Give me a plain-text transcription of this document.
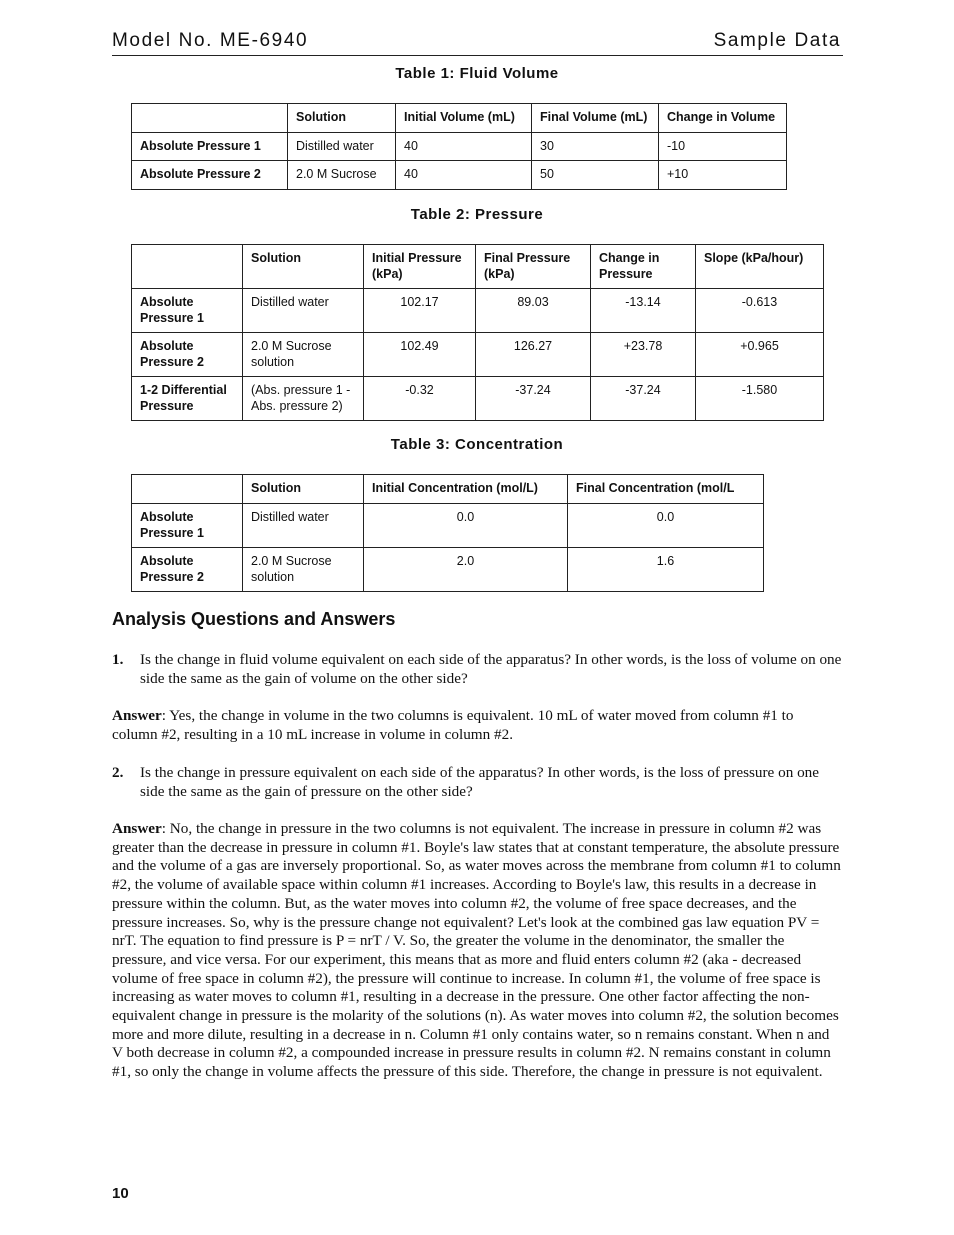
Model No. ME-6940	Sample Data
Table 1: Fluid Volume
	Solution	Initial Volume (mL)	Final Volume (mL)	Change in Volume
Absolute Pressure 1	Distilled water	40	30	-10
Absolute Pressure 2	2.0 M Sucrose	40	50	+10
Table 2: Pressure
	Solution	Initial Pressure (kPa)	Final Pressure (kPa)	Change in Pressure	Slope (kPa/hour)
Absolute Pressure 1	Distilled water	102.17	89.03	-13.14	-0.613
Absolute Pressure 2	2.0 M Sucrose solution	102.49	126.27	+23.78	+0.965
1-2 Differential Pressure	(Abs. pressure 1 - Abs. pressure 2)	-0.32	-37.24	-37.24	-1.580
Table 3: Concentration
	Solution	Initial Concentration (mol/L)	Final Concentration (mol/L
Absolute Pressure 1	Distilled water	0.0	0.0
Absolute Pressure 2	2.0 M Sucrose solution	2.0	1.6
Analysis Questions and Answers
1. Is the change in fluid volume equivalent on each side of the apparatus? In other words, is the loss of volume on one side the same as the gain of volume on the other side?

Answer: Yes, the change in volume in the two columns is equivalent. 10 mL of water moved from column #1 to column #2, resulting in a 10 mL increase in volume in column #2.

2. Is the change in pressure equivalent on each side of the apparatus? In other words, is the loss of pressure on one side the same as the gain of pressure on the other side?

Answer: No, the change in pressure in the two columns is not equivalent. The increase in pressure in column #2 was greater than the decrease in pressure in column #1. Boyle's law states that at constant temperature, the absolute pressure and the volume of a gas are inversely proportional. So, as water moves across the membrane from column #1 to column #2, the volume of available space within column #1 increases. According to Boyle's law, this results in a decrease in pressure within the column. But, as the water moves into column #2, the volume of free space decreases, and the pressure increases. So, why is the pressure change not equivalent? Let's look at the combined gas law equation PV = nrT. The equation to find pressure is P = nrT / V. So, the greater the volume in the denominator, the smaller the pressure, and vice versa. For our experiment, this means that as more and fluid enters column #2 (aka - decreased volume of free space in column #2), the pressure will continue to increase. In column #1, the volume of free space is increasing as water moves to column #1, resulting in a decrease in the pressure. One other factor affecting the non-equivalent change in pressure is the molarity of the solutions (n). As water moves into column #2, the solution becomes more and more dilute, resulting in a decrease in n. Column #1 only contains water, so n remains constant. When n and V both decrease in column #2, a compounded increase in pressure results in column #2. N remains constant in column #1, so only the change in volume affects the pressure of this side. Therefore, the change in pressure is not equivalent.

10
